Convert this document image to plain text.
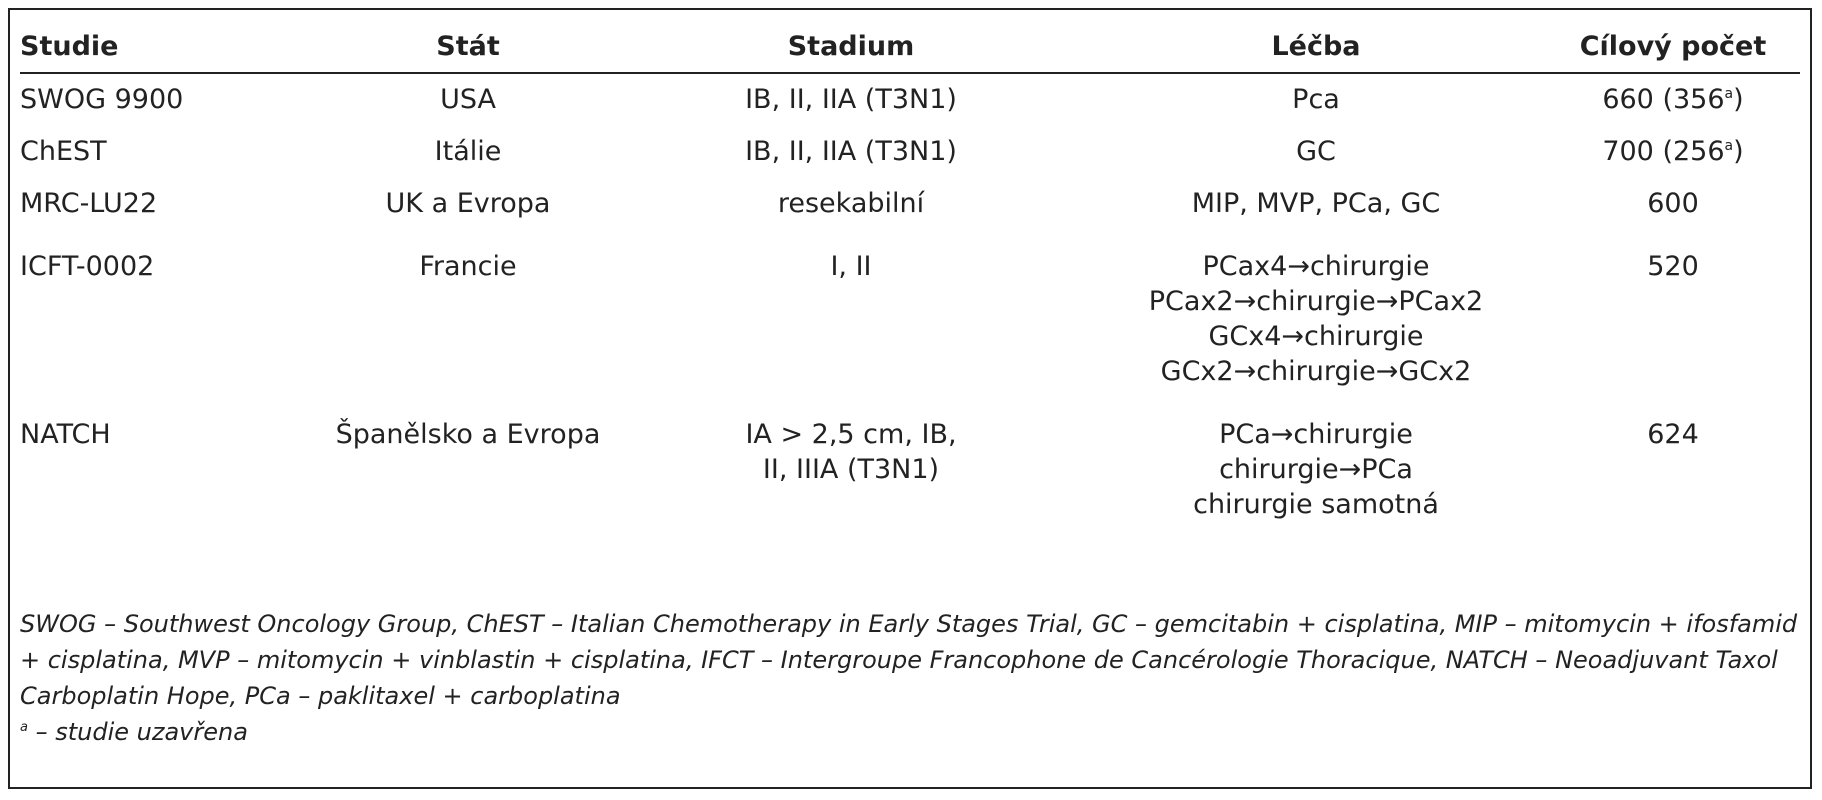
Studie	Stát	Stadium	Léčba	Cílový počet
SWOG 9900	USA	IB, II, IIA (T3N1)	Pca	660 (356$^a$)
ChEST	Itálie	IB, II, IIA (T3N1)	GC	700 (256$^a$)
MRC-LU22	UK a Evropa	resekabilní	MIP, MVP, PCa, GC	600
ICFT-0002	Francie	I, II	PCax4→chirurgie
PCax2→chirurgie→PCax2
GCx4→chirurgie
GCx2→chirurgie→GCx2	520
NATCH	Španělsko a Evropa	IA > 2,5 cm, IB,
II, IIIA (T3N1)	PCa→chirurgie
chirurgie→PCa
chirurgie samotná	624
SWOG – Southwest Oncology Group, ChEST – Italian Chemotherapy in Early Stages Trial, GC – gemcitabin + cisplatina, MIP – mitomycin + ifosfamid + cisplatina, MVP – mitomycin + vinblastin + cisplatina, IFCT – Intergroupe Francophone de Cancérologie Thoracique, NATCH – Neoadjuvant Taxol Carboplatin Hope, PCa – paklitaxel + carboplatina
$^a$ – studie uzavřena
